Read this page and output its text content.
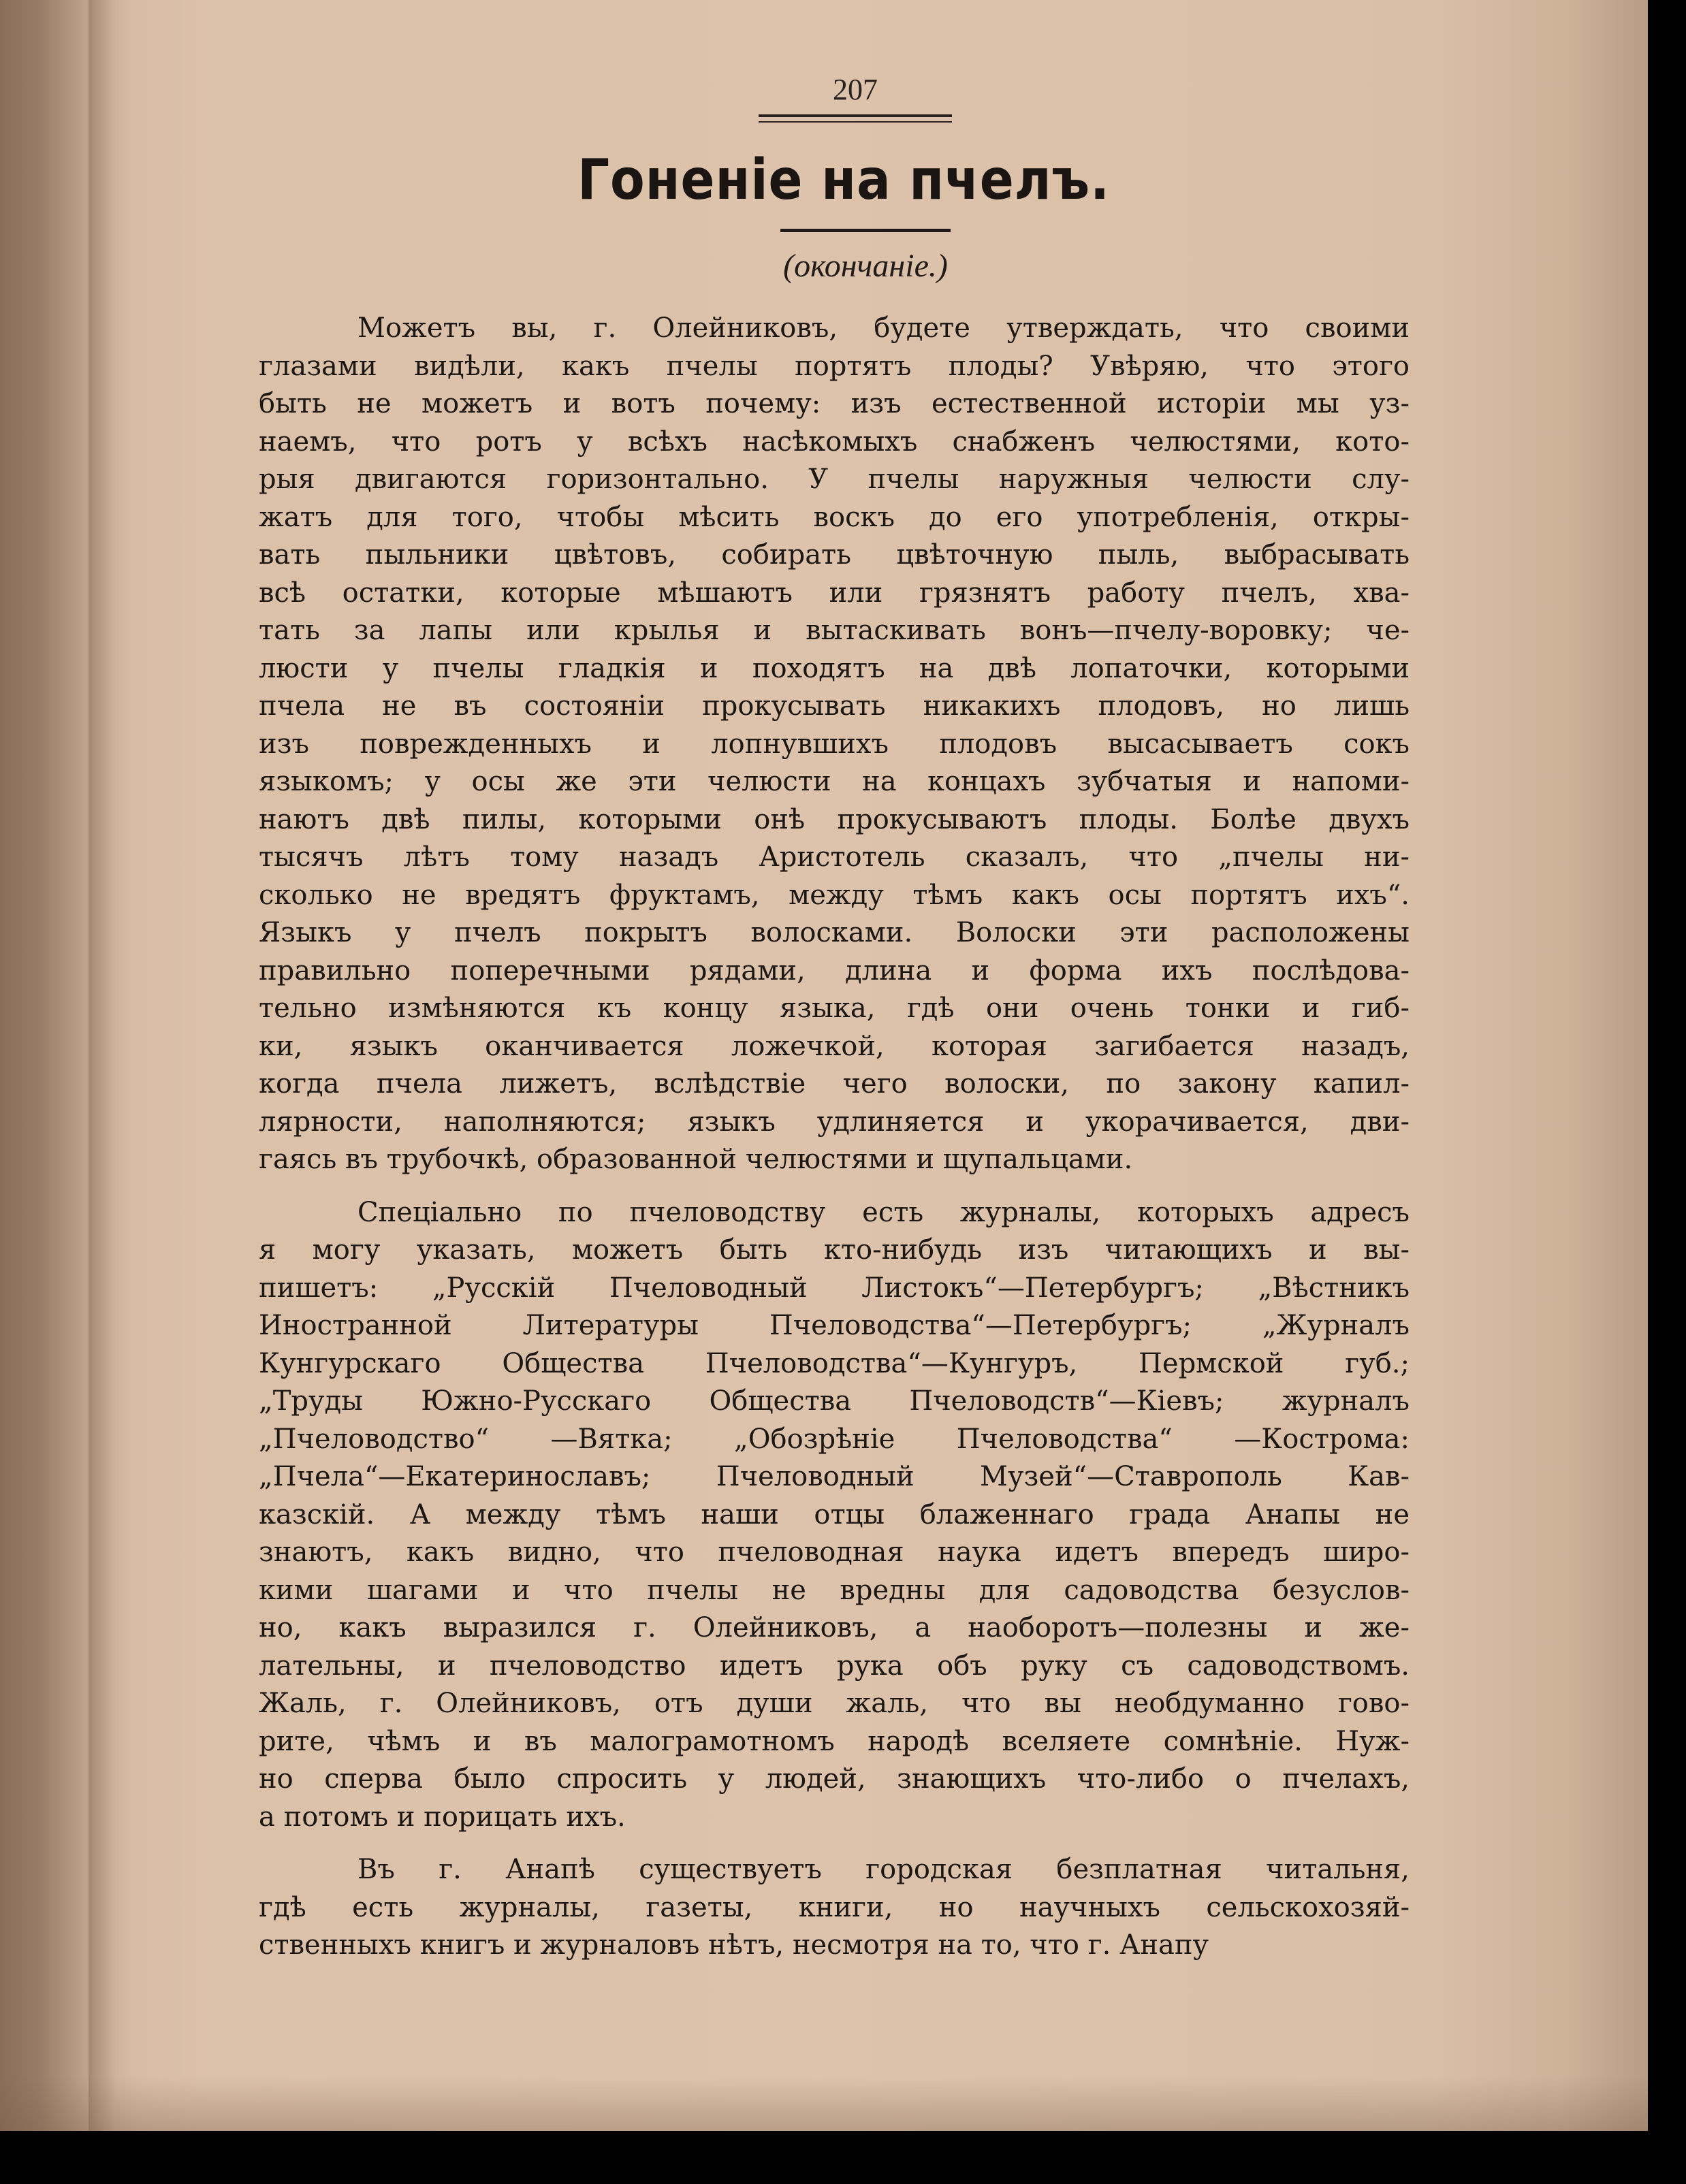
207
Гоненіе на пчелъ.
(окончаніе.)
Можетъ вы, г. Олейниковъ, будете утверждать, что своими
глазами видѣли, какъ пчелы портятъ плоды? Увѣряю, что этого
быть не можетъ и вотъ почему: изъ естественной исторіи мы уз-
наемъ, что ротъ у всѣхъ насѣкомыхъ снабженъ челюстями, кото-
рыя двигаются горизонтально. У пчелы наружныя челюсти слу-
жатъ для того, чтобы мѣсить воскъ до его употребленія, откры-
вать пыльники цвѣтовъ, собирать цвѣточную пыль, выбрасывать
всѣ остатки, которые мѣшаютъ или грязнятъ работу пчелъ, хва-
тать за лапы или крылья и вытаскивать вонъ—пчелу-воровку; че-
люсти у пчелы гладкія и походятъ на двѣ лопаточки, которыми
пчела не въ состояніи прокусывать никакихъ плодовъ, но лишь
изъ поврежденныхъ и лопнувшихъ плодовъ высасываетъ сокъ
языкомъ; у осы же эти челюсти на концахъ зубчатыя и напоми-
наютъ двѣ пилы, которыми онѣ прокусываютъ плоды. Болѣе двухъ
тысячъ лѣтъ тому назадъ Аристотель сказалъ, что „пчелы ни-
сколько не вредятъ фруктамъ, между тѣмъ какъ осы портятъ ихъ“.
Языкъ у пчелъ покрытъ волосками. Волоски эти расположены
правильно поперечными рядами, длина и форма ихъ послѣдова-
тельно измѣняются къ концу языка, гдѣ они очень тонки и гиб-
ки, языкъ оканчивается ложечкой, которая загибается назадъ,
когда пчела лижетъ, вслѣдствіе чего волоски, по закону капил-
лярности, наполняются; языкъ удлиняется и укорачивается, дви-
гаясь въ трубочкѣ, образованной челюстями и щупальцами.
Спеціально по пчеловодству есть журналы, которыхъ адресъ
я могу указать, можетъ быть кто-нибудь изъ читающихъ и вы-
пишетъ: „Русскій Пчеловодный Листокъ“—Петербургъ; „Вѣстникъ
Иностранной Литературы Пчеловодства“—Петербургъ; „Журналъ
Кунгурскаго Общества Пчеловодства“—Кунгуръ, Пермской губ.;
„Труды Южно-Русскаго Общества Пчеловодств“—Кіевъ; журналъ
„Пчеловодство“ —Вятка; „Обозрѣніе Пчеловодства“ —Кострома:
„Пчела“—Екатеринославъ; Пчеловодный Музей“—Ставрополь Кав-
казскій. А между тѣмъ наши отцы блаженнаго града Анапы не
знаютъ, какъ видно, что пчеловодная наука идетъ впередъ широ-
кими шагами и что пчелы не вредны для садоводства безуслов-
но, какъ выразился г. Олейниковъ, а наоборотъ—полезны и же-
лательны, и пчеловодство идетъ рука объ руку съ садоводствомъ.
Жаль, г. Олейниковъ, отъ души жаль, что вы необдуманно гово-
рите, чѣмъ и въ малограмотномъ народѣ вселяете сомнѣніе. Нуж-
но сперва было спросить у людей, знающихъ что-либо о пчелахъ,
а потомъ и порицать ихъ.
Въ г. Анапѣ существуетъ городская безплатная читальня,
гдѣ есть журналы, газеты, книги, но научныхъ сельскохозяй-
ственныхъ книгъ и журналовъ нѣтъ, несмотря на то, что г. Анапу
